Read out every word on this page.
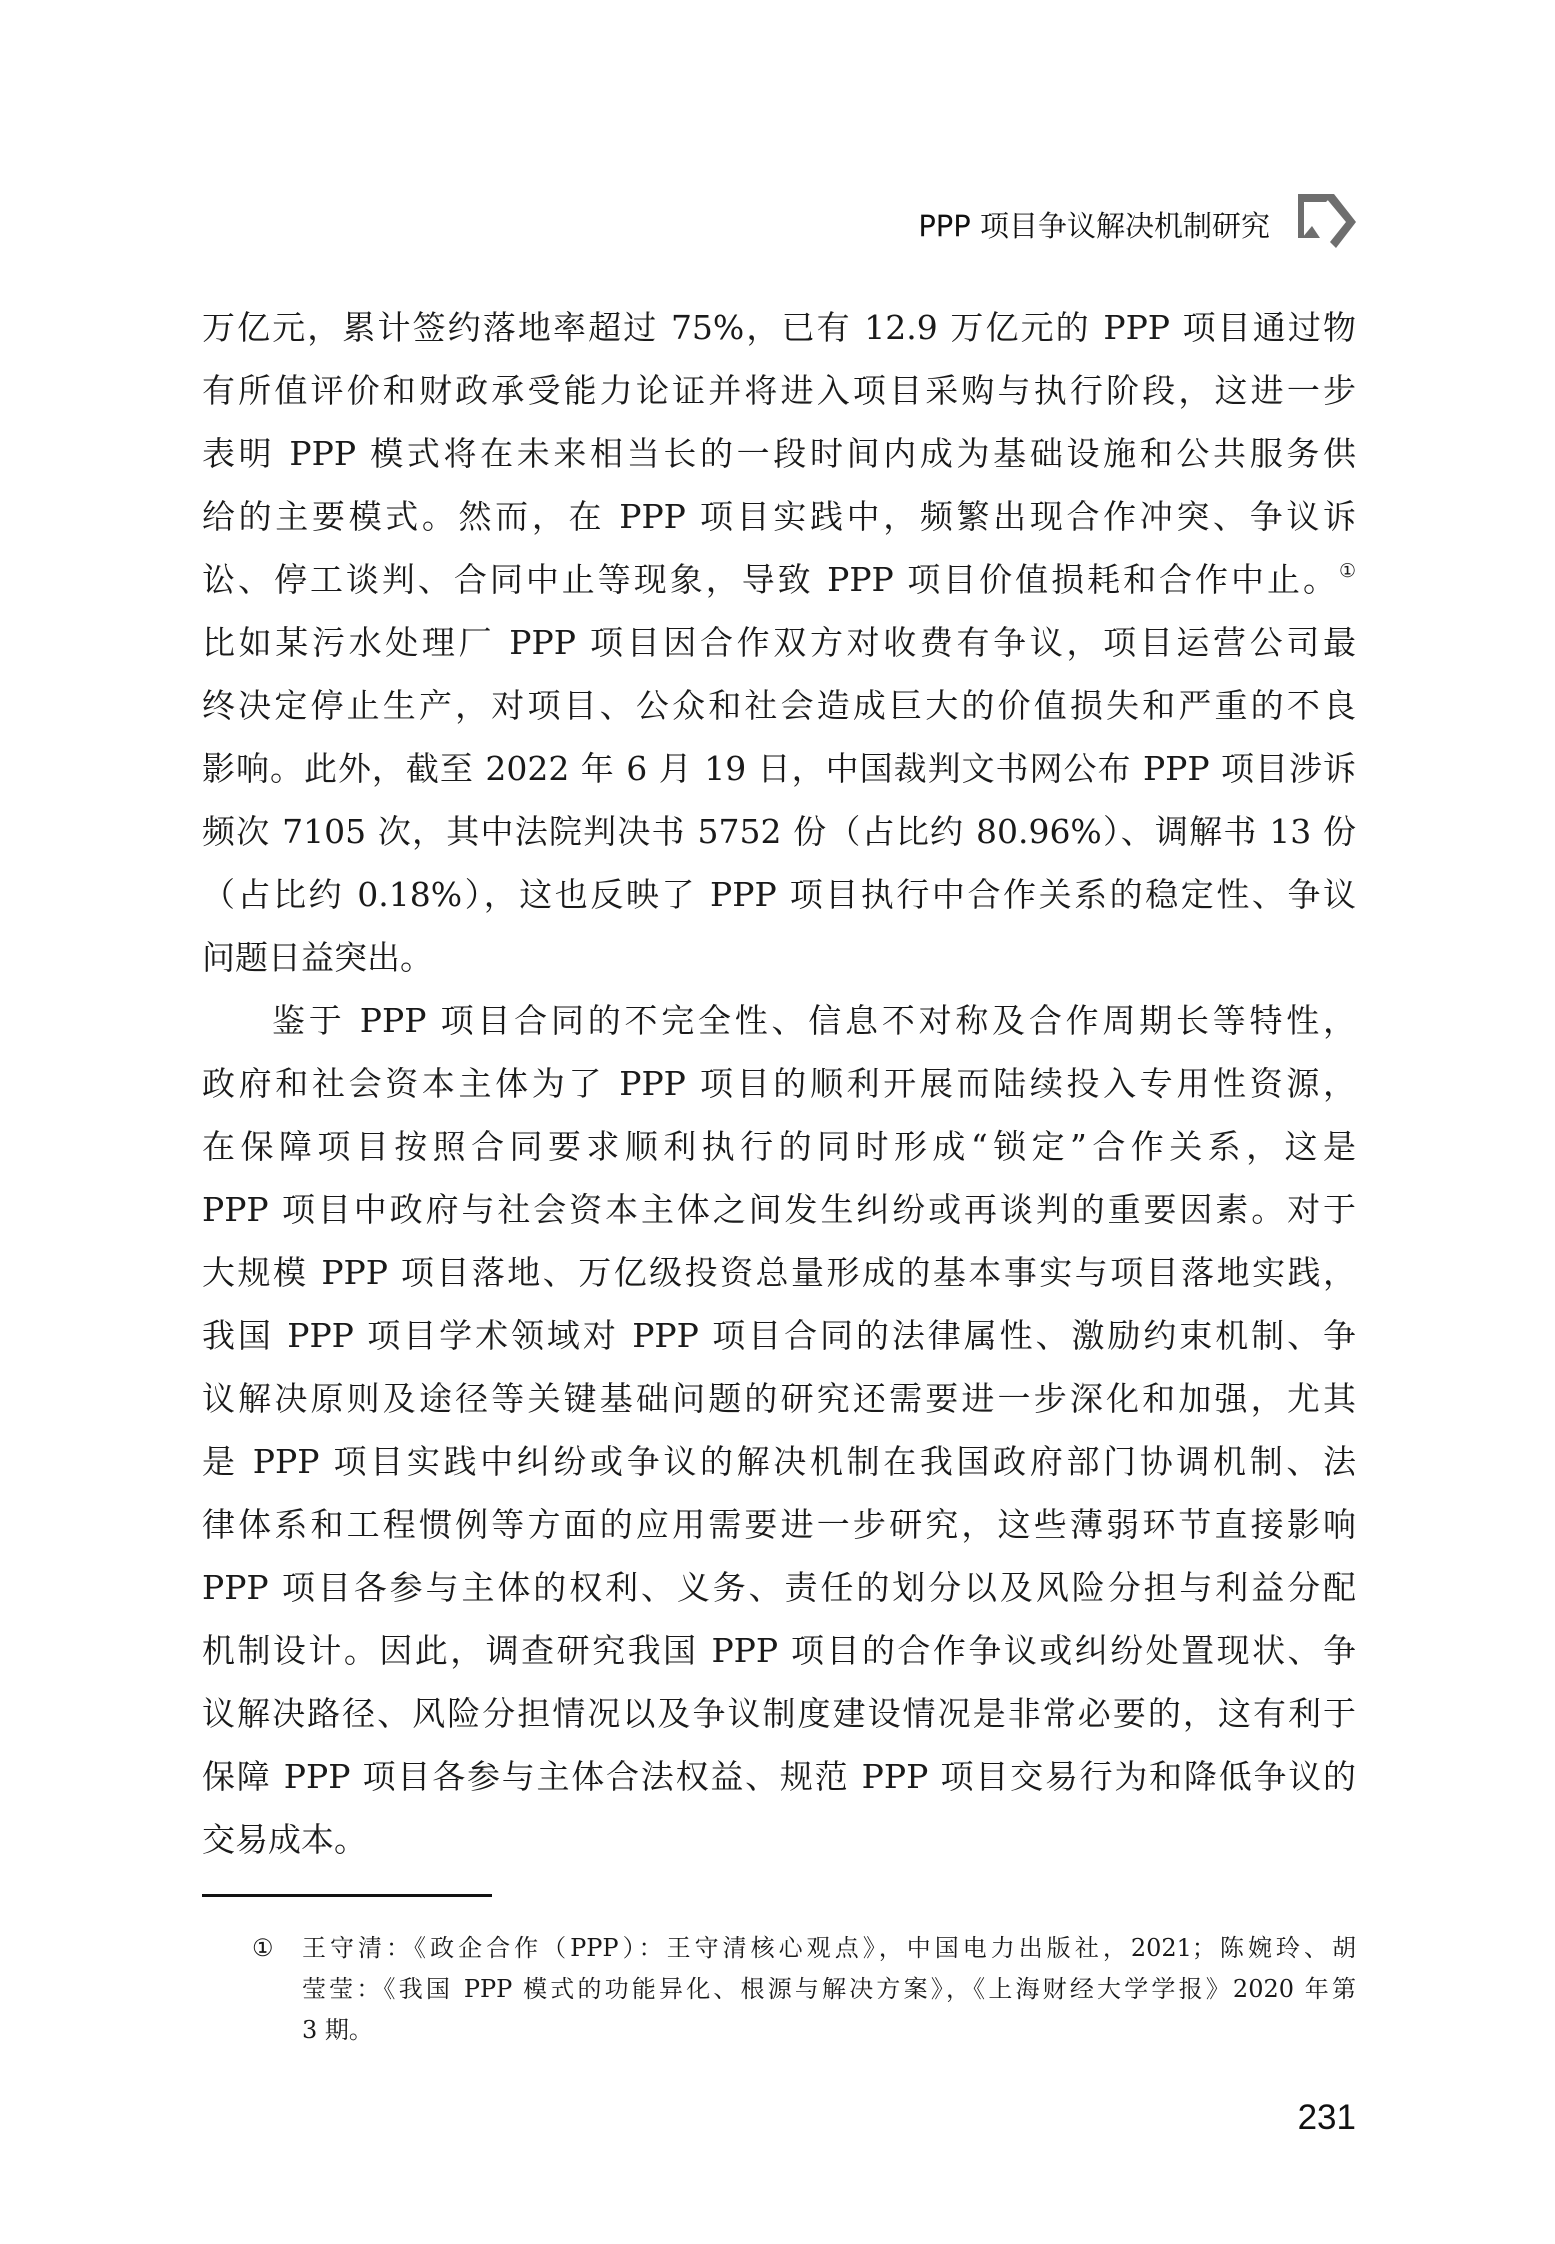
PPP 项目争议解决机制研究
万亿元，累计签约落地率超过 75%，已有 12.9 万亿元的 PPP 项目通过物
有所值评价和财政承受能力论证并将进入项目采购与执行阶段，这进一步
表明 PPP 模式将在未来相当长的一段时间内成为基础设施和公共服务供
给的主要模式。然而，在 PPP 项目实践中，频繁出现合作冲突、争议诉
讼、停工谈判、合同中止等现象，导致 PPP 项目价值损耗和合作中止。①
比如某污水处理厂 PPP 项目因合作双方对收费有争议，项目运营公司最
终决定停止生产，对项目、公众和社会造成巨大的价值损失和严重的不良
影响。此外，截至 2022 年 6 月 19 日，中国裁判文书网公布 PPP 项目涉诉
频次 7105 次，其中法院判决书 5752 份（占比约 80.96%）、调解书 13 份
（占比约 0.18%），这也反映了 PPP 项目执行中合作关系的稳定性、争议
问题日益突出。
鉴于 PPP 项目合同的不完全性、信息不对称及合作周期长等特性，
政府和社会资本主体为了 PPP 项目的顺利开展而陆续投入专用性资源，
在保障项目按照合同要求顺利执行的同时形成“锁定”合作关系，这是
PPP 项目中政府与社会资本主体之间发生纠纷或再谈判的重要因素。对于
大规模 PPP 项目落地、万亿级投资总量形成的基本事实与项目落地实践，
我国 PPP 项目学术领域对 PPP 项目合同的法律属性、激励约束机制、争
议解决原则及途径等关键基础问题的研究还需要进一步深化和加强，尤其
是 PPP 项目实践中纠纷或争议的解决机制在我国政府部门协调机制、法
律体系和工程惯例等方面的应用需要进一步研究，这些薄弱环节直接影响
PPP 项目各参与主体的权利、义务、责任的划分以及风险分担与利益分配
机制设计。因此，调查研究我国 PPP 项目的合作争议或纠纷处置现状、争
议解决路径、风险分担情况以及争议制度建设情况是非常必要的，这有利于
保障 PPP 项目各参与主体合法权益、规范 PPP 项目交易行为和降低争议的
交易成本。
① 王守清：《政企合作（PPP）：王守清核心观点》，中国电力出版社，2021；陈婉玲、胡
莹莹：《我国 PPP 模式的功能异化、根源与解决方案》，《上海财经大学学报》2020 年第
3 期。
231
